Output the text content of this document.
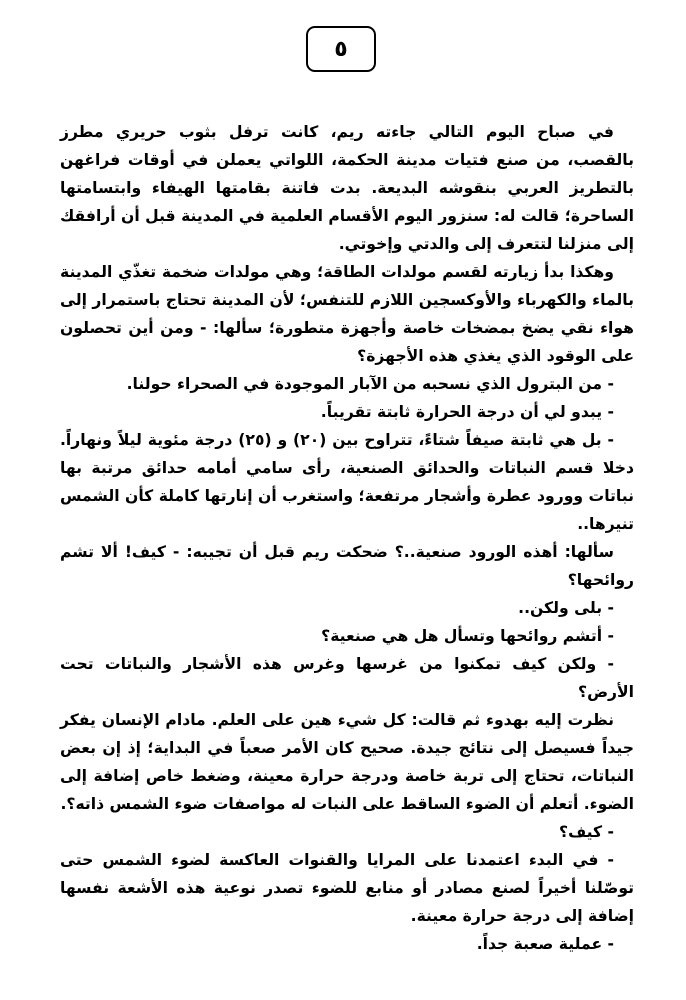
٥

في صباح اليوم التالي جاءته ريم، كانت ترفل بثوب حريري مطرز بالقصب، من صنع فتيات مدينة الحكمة، اللواتي يعملن في أوقات فراغهن بالتطريز العربي بنقوشه البديعة. بدت فاتنة بقامتها الهيفاء وابتسامتها الساحرة؛ قالت له: سنزور اليوم الأقسام العلمية في المدينة قبل أن أرافقك إلى منزلنا لتتعرف إلى والدتي وإخوتي.

وهكذا بدأ زيارته لقسم مولدات الطاقة؛ وهي مولدات ضخمة تغذّي المدينة بالماء والكهرباء والأوكسجين اللازم للتنفس؛ لأن المدينة تحتاج باستمرار إلى هواء نقي يضخ بمضخات خاصة وأجهزة متطورة؛ سألها: - ومن أين تحصلون على الوقود الذي يغذي هذه الأجهزة؟

- من البترول الذي نسحبه من الآبار الموجودة في الصحراء حولنا.

- يبدو لي أن درجة الحرارة ثابتة تقريباً.

- بل هي ثابتة صيفاً شتاءً، تتراوح بين (٢٠) و (٢٥) درجة مئوية ليلاً ونهاراً. دخلا قسم النباتات والحدائق الصنعية، رأى سامي أمامه حدائق مرتبة بها نباتات وورود عطرة وأشجار مرتفعة؛ واستغرب أن إنارتها كاملة كأن الشمس تنيرها..

سألها: أهذه الورود صنعية..؟ ضحكت ريم قبل أن تجيبه: - كيف! ألا تشم روائحها؟

- بلى ولكن..

- أتشم روائحها وتسأل هل هي صنعية؟

- ولكن كيف تمكنوا من غرسها وغرس هذه الأشجار والنباتات تحت الأرض؟

نظرت إليه بهدوء ثم قالت: كل شيء هين على العلم. مادام الإنسان يفكر جيداً فسيصل إلى نتائج جيدة. صحيح كان الأمر صعباً في البداية؛ إذ إن بعض النباتات، تحتاج إلى تربة خاصة ودرجة حرارة معينة، وضغط خاص إضافة إلى الضوء. أتعلم أن الضوء الساقط على النبات له مواصفات ضوء الشمس ذاته؟.

- كيف؟

- في البدء اعتمدنا على المرايا والقنوات العاكسة لضوء الشمس حتى توصّلنا أخيراً لصنع مصادر أو منابع للضوء تصدر نوعية هذه الأشعة نفسها إضافة إلى درجة حرارة معينة.

- عملية صعبة جداً.
